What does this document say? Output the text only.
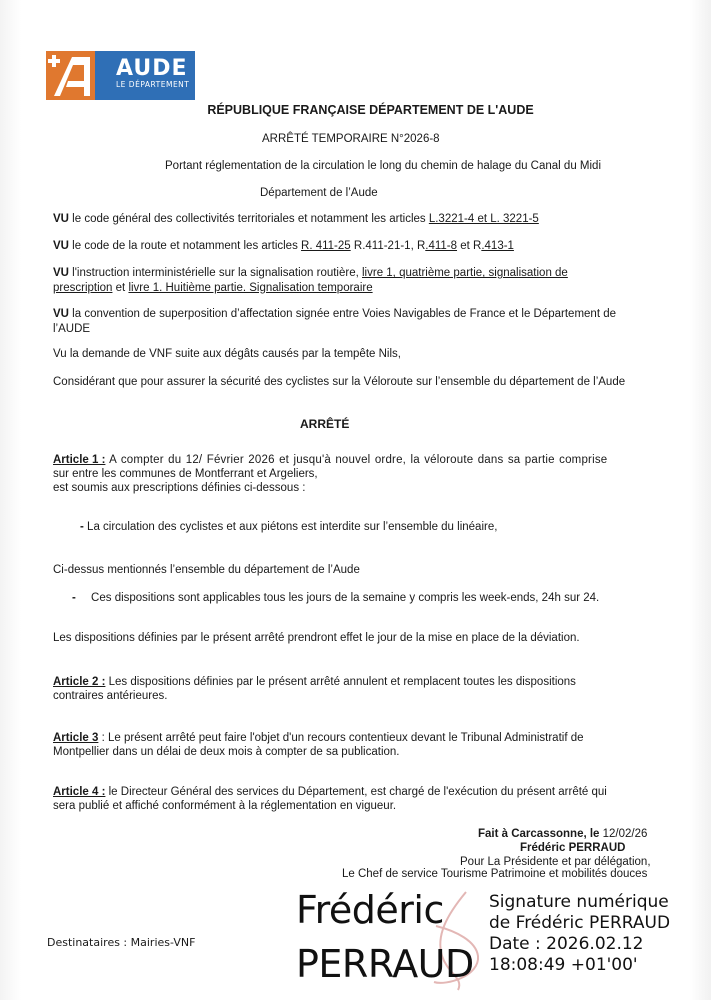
AUDE
LE DÉPARTEMENT
RÉPUBLIQUE FRANÇAISE DÉPARTEMENT DE L'AUDE
ARRÊTÉ TEMPORAIRE N°2026-8
Portant réglementation de la circulation le long du chemin de halage du Canal du Midi
Département de l’Aude
VU le code général des collectivités territoriales et notamment les articles L.3221-4 et L. 3221-5
VU le code de la route et notamment les articles R. 411-25 R.411-21-1, R.411-8 et R.413-1
VU l'instruction interministérielle sur la signalisation routière, livre 1, quatrième partie, signalisation de
prescription et livre 1. Huitième partie. Signalisation temporaire
VU la convention de superposition d’affectation signée entre Voies Navigables de France et le Département de
l’AUDE
Vu la demande de VNF suite aux dégâts causés par la tempête Nils,
Considérant que pour assurer la sécurité des cyclistes sur la Véloroute sur l’ensemble du département de l’Aude
ARRÊTÉ
Article 1 : A compter du 12/ Février 2026 et jusqu'à nouvel ordre, la véloroute dans sa partie comprise
sur entre les communes de Montferrant et Argeliers,
est soumis aux prescriptions définies ci-dessous :
- La circulation des cyclistes et aux piétons est interdite sur l’ensemble du linéaire,
Ci-dessus mentionnés l’ensemble du département de l’Aude
- Ces dispositions sont applicables tous les jours de la semaine y compris les week-ends, 24h sur 24.
Les dispositions définies par le présent arrêté prendront effet le jour de la mise en place de la déviation.
Article 2 : Les dispositions définies par le présent arrêté annulent et remplacent toutes les dispositions
contraires antérieures.
Article 3 : Le présent arrêté peut faire l'objet d'un recours contentieux devant le Tribunal Administratif de
Montpellier dans un délai de deux mois à compter de sa publication.
Article 4 : le Directeur Général des services du Département, est chargé de l'exécution du présent arrêté qui
sera publié et affiché conformément à la réglementation en vigueur.
Fait à Carcassonne, le 12/02/26
Frédéric PERRAUD
Pour La Présidente et par délégation,
Le Chef de service Tourisme Patrimoine et mobilités douces
Destinataires : Mairies-VNF
Frédéric
PERRAUD
Signature numérique
de Frédéric PERRAUD
Date : 2026.02.12
18:08:49 +01'00'
